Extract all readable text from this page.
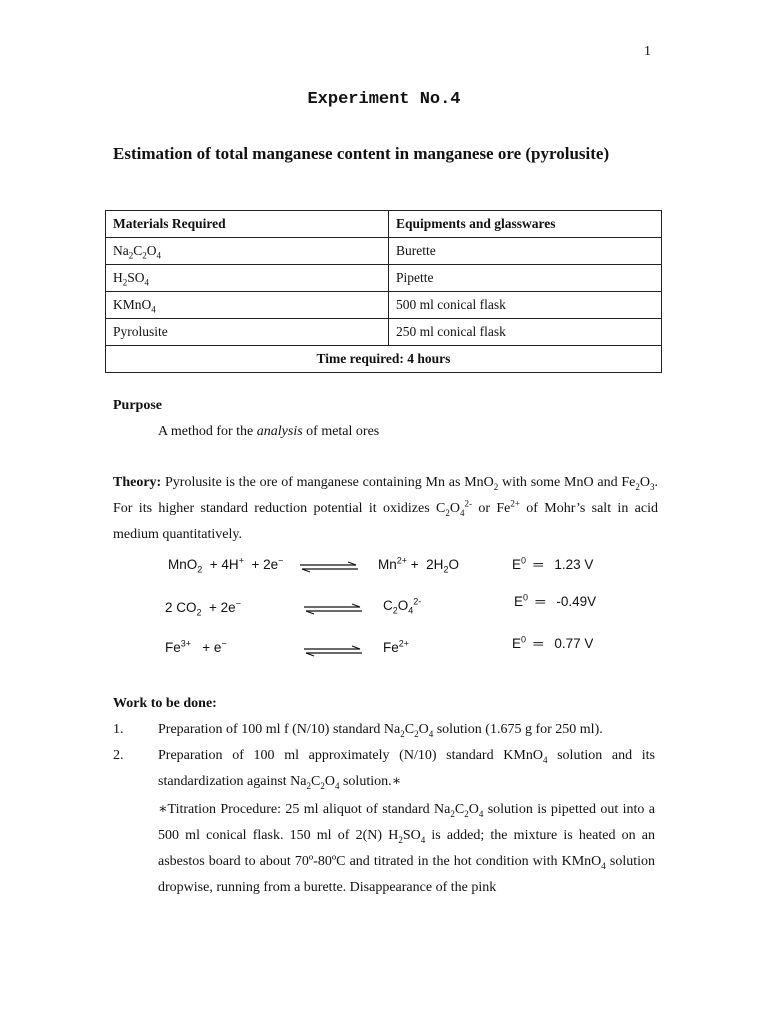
1
Experiment No.4
Estimation of total manganese content in manganese ore (pyrolusite)
Materials Required	Equipments and glasswares
$Na_2C_2O_4$	Burette
$H_2SO_4$	Pipette
KMnO$_4$	500 ml conical flask
Pyrolusite	250 ml conical flask
Time required: 4 hours	
Purpose
A method for the analysis of metal ores
Theory: Pyrolusite is the ore of manganese containing Mn as MnO$_2$ with some MnO and $Fe_2O_3$. For its higher standard reduction potential it oxidizes $C_2O_4^{2-}$ or $Fe^{2+}$ of Mohr’s salt in acid medium quantitatively.
MnO$_2$  + 4H+  + 2e− ⇌ $Mn^{2+} + 2H_2O$	$E^0$  ═   1.23 V
2 $CO_2 + 2e^-$	⇌ $C_2O_4^{2-}$	$E^0$  ═   -0.49V
$Fe^{3+} + e^-$ ⇌ $Fe^{2+}$	$E^0$  ═   0.77 V
Work to be done:
1. Preparation of 100 ml f (N/10) standard $Na_2C_2O_4$ solution (1.675 g for 250 ml).
2. Preparation of 100 ml approximately (N/10) standard KMnO$_4$ solution and its standardization against $Na_2C_2O_4$ solution.∗
∗Titration Procedure: 25 ml aliquot of standard $Na_2C_2O_4$ solution is pipetted out into a 500 ml conical flask. 150 ml of 2(N) $H_2SO_4$ is added; the mixture is heated on an asbestos board to about 70º-80ºC and titrated in the hot condition with KMnO$_4$ solution dropwise, running from a burette. Disappearance of the pink
